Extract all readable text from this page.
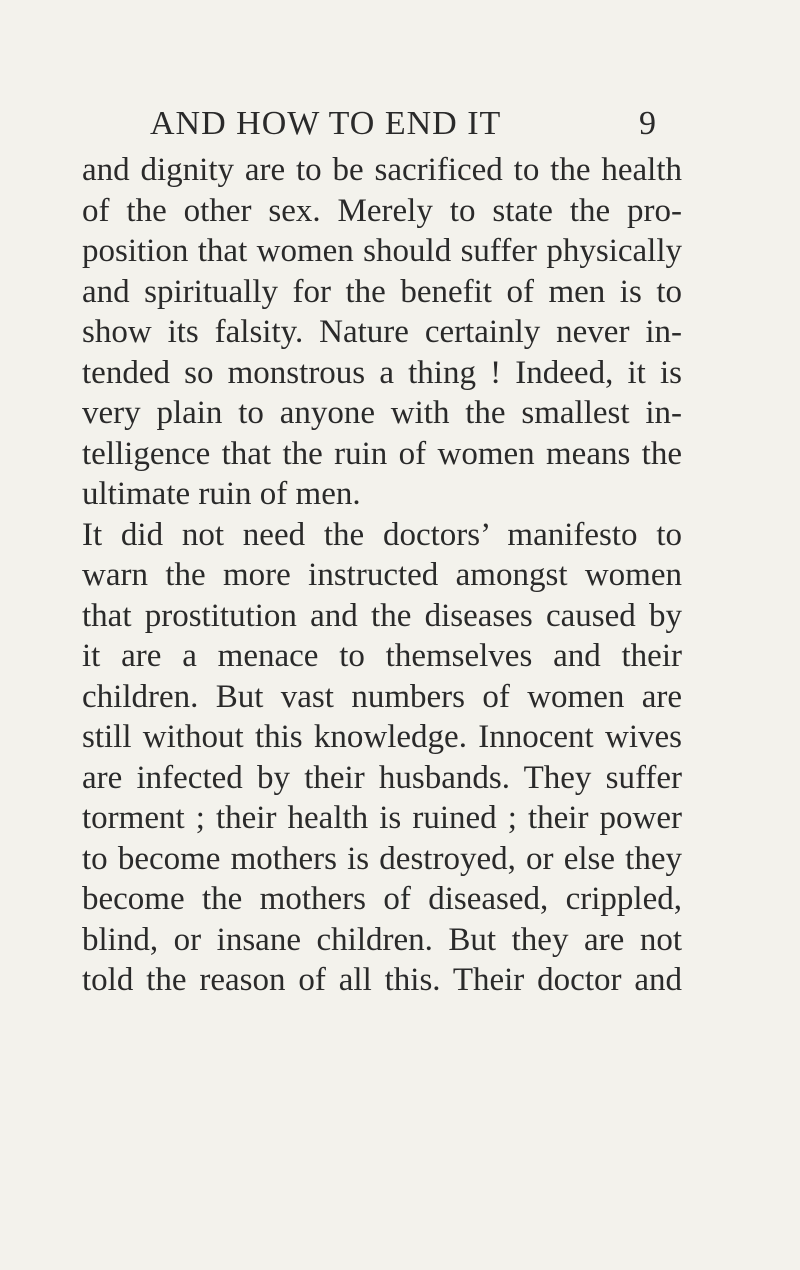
AND HOW TO END IT	9
and dignity are to be sacrificed to the health
of the other sex. Merely to state the pro-
position that women should suffer physically
and spiritually for the benefit of men is to
show its falsity. Nature certainly never in-
tended so monstrous a thing ! Indeed, it is
very plain to anyone with the smallest in-
telligence that the ruin of women means the
ultimate ruin of men.
It did not need the doctors’ manifesto to
warn the more instructed amongst women
that prostitution and the diseases caused by
it are a menace to themselves and their
children. But vast numbers of women are
still without this knowledge. Innocent wives
are infected by their husbands. They suffer
torment ; their health is ruined ; their power
to become mothers is destroyed, or else they
become the mothers of diseased, crippled,
blind, or insane children. But they are not
told the reason of all this. Their doctor and
